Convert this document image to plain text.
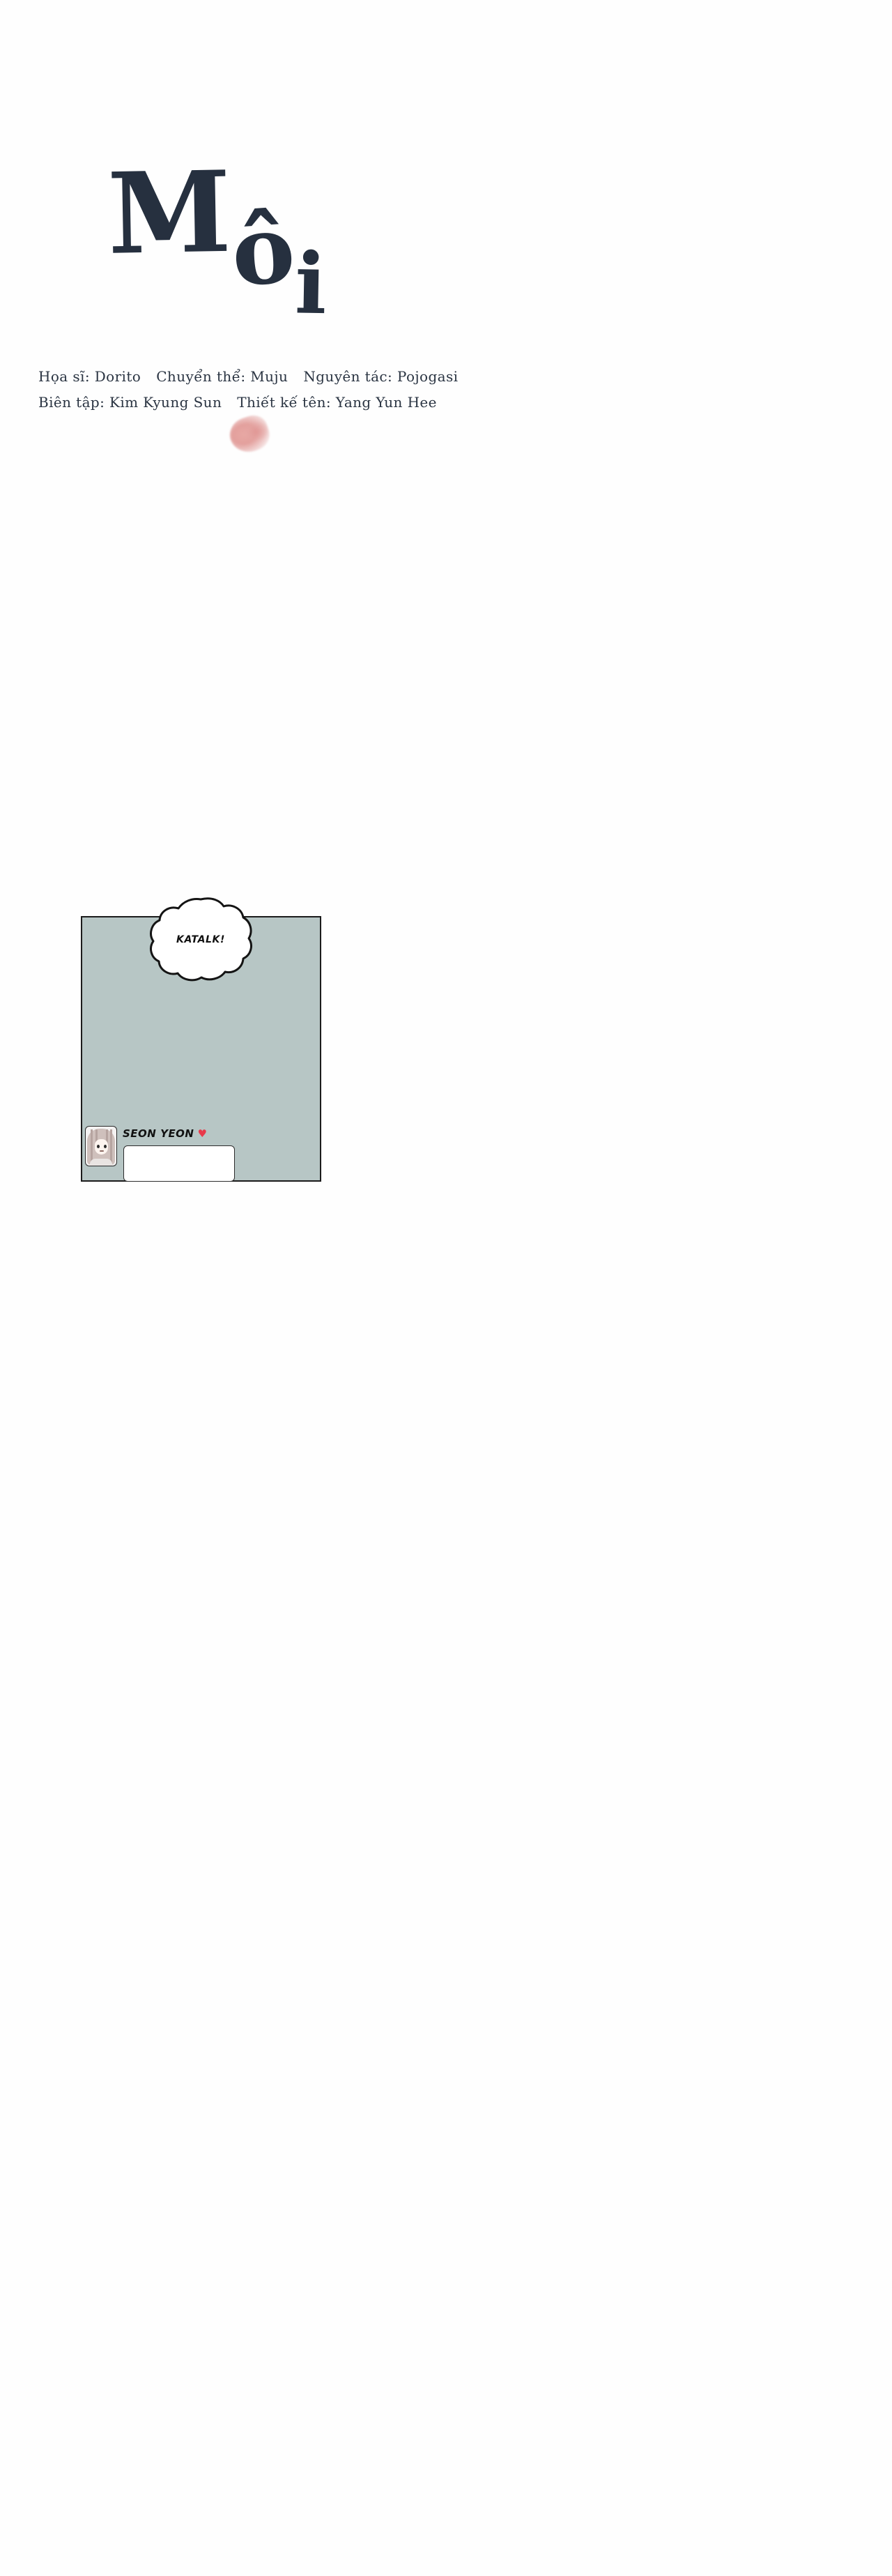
Môi
Họa sĩ: Dorito Chuyển thể: Muju Nguyên tác: Pojogasi
Biên tập: Kim Kyung Sun Thiết kế tên: Yang Yun Hee
KATALK!
SEON YEON ♥
